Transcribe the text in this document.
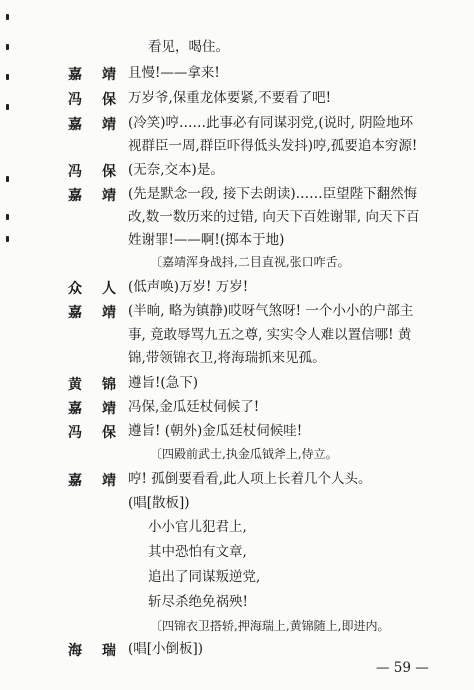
看见，喝住。
嘉 靖 且慢!——拿来!
冯 保 万岁爷,保重龙体要紧,不要看了吧!
嘉 靖 (冷笑)哼……此事必有同谋羽党,(说时, 阴险地环
视群臣一周,群臣吓得低头发抖)哼,孤要追本穷源!
冯 保 (无奈,交本)是。
嘉 靖 (先是默念一段, 接下去朗读)……臣望陛下翻然悔
改,数一数历来的过错, 向天下百姓谢罪, 向天下百
姓谢罪!——啊!(掷本于地)
〔嘉靖浑身战抖,二目直视,张口咋舌。
众 人 (低声唤)万岁! 万岁!
嘉 靖 (半晌, 略为镇静)哎呀气煞呀! 一个小小的户部主
事, 竟敢辱骂九五之尊, 实实令人难以置信哪! 黄
锦,带领锦衣卫,将海瑞抓来见孤。
黄 锦 遵旨!(急下)
嘉 靖 冯保,金瓜廷杖伺候了!
冯 保 遵旨! (朝外)金瓜廷杖伺候哇!
〔四殿前武士,执金瓜钺斧上,侍立。
嘉 靖 哼! 孤倒要看看,此人项上长着几个人头。
(唱[散板])
小小官儿犯君上,
其中恐怕有文章,
追出了同谋叛逆党,
斩尽杀绝免祸殃!
〔四锦衣卫搭轿,押海瑞上,黄锦随上,即进内。
海 瑞 (唱[小倒板])
— 59 —
